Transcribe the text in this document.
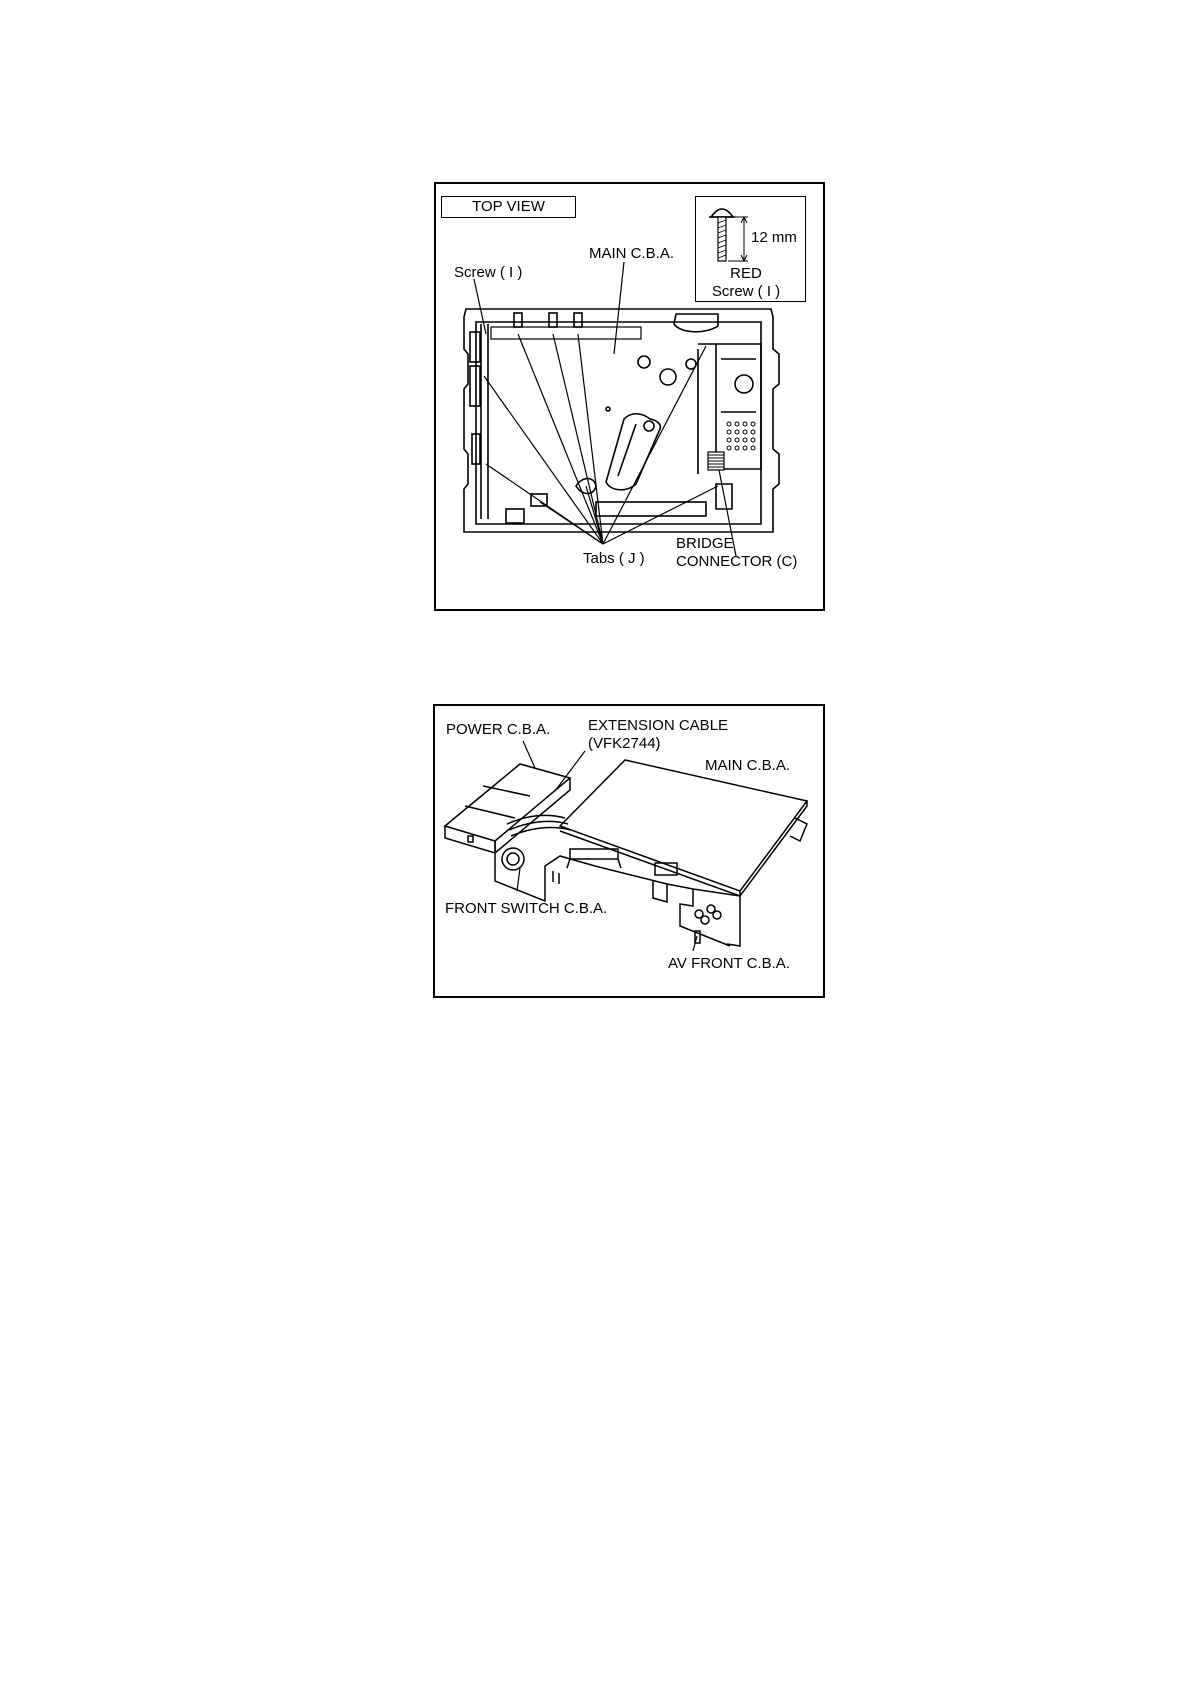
TOP VIEW
12 mm
RED
Screw ( I )
Screw ( I )
MAIN C.B.A.
Tabs ( J )
BRIDGE
CONNECTOR (C)
POWER C.B.A.	EXTENSION CABLE
(VFK2744)
MAIN C.B.A.
FRONT SWITCH C.B.A.
AV FRONT C.B.A.
